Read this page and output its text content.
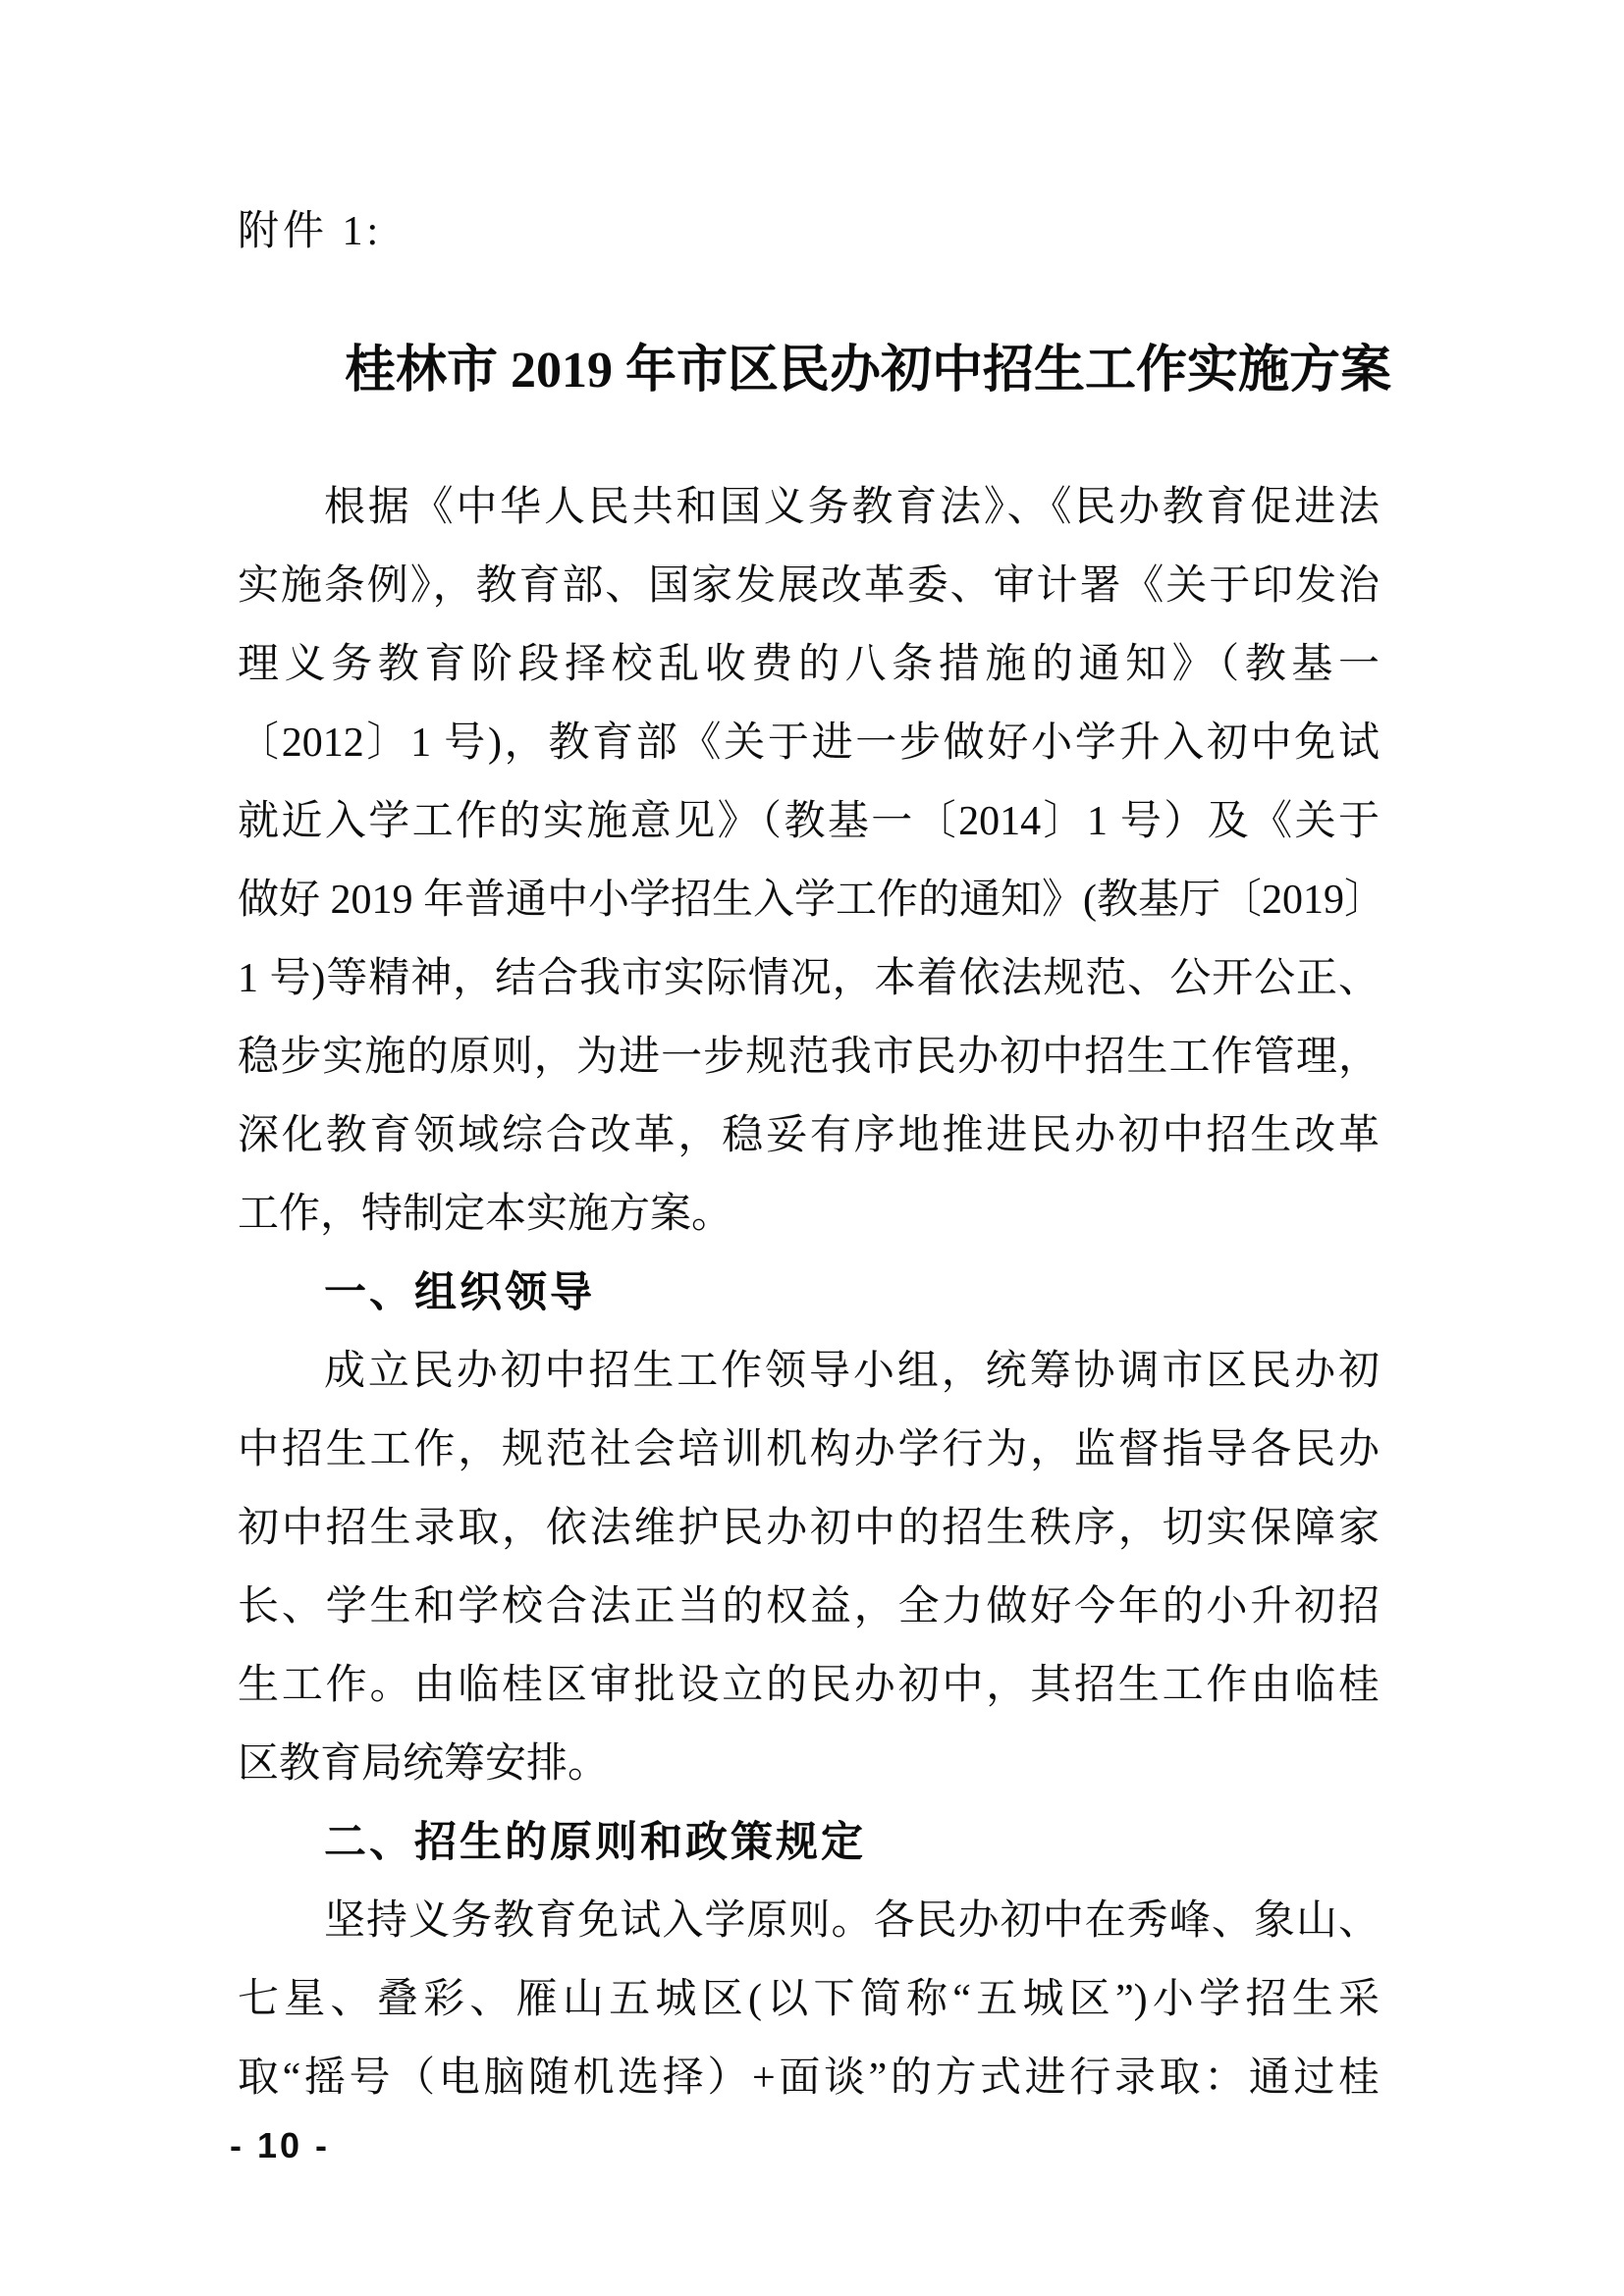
附件 1:
桂林市 2019 年市区民办初中招生工作实施方案
根据《中华人民共和国义务教育法》、《民办教育促进法
实施条例》，教育部、国家发展改革委、审计署《关于印发治
理义务教育阶段择校乱收费的八条措施的通知》（教基一
〔2012〕1 号)，教育部《关于进一步做好小学升入初中免试
就近入学工作的实施意见》（教基一〔2014〕1 号）及《关于
做好 2019 年普通中小学招生入学工作的通知》(教基厅〔2019〕
1 号)等精神，结合我市实际情况，本着依法规范、公开公正、
稳步实施的原则，为进一步规范我市民办初中招生工作管理，
深化教育领域综合改革，稳妥有序地推进民办初中招生改革
工作，特制定本实施方案。
一、组织领导
成立民办初中招生工作领导小组，统筹协调市区民办初
中招生工作，规范社会培训机构办学行为，监督指导各民办
初中招生录取，依法维护民办初中的招生秩序，切实保障家
长、学生和学校合法正当的权益，全力做好今年的小升初招
生工作。由临桂区审批设立的民办初中，其招生工作由临桂
区教育局统筹安排。
二、招生的原则和政策规定
坚持义务教育免试入学原则。各民办初中在秀峰、象山、
七星、叠彩、雁山五城区(以下简称“五城区”)小学招生采
取“摇号（电脑随机选择）+面谈”的方式进行录取：通过桂
- 10 -
